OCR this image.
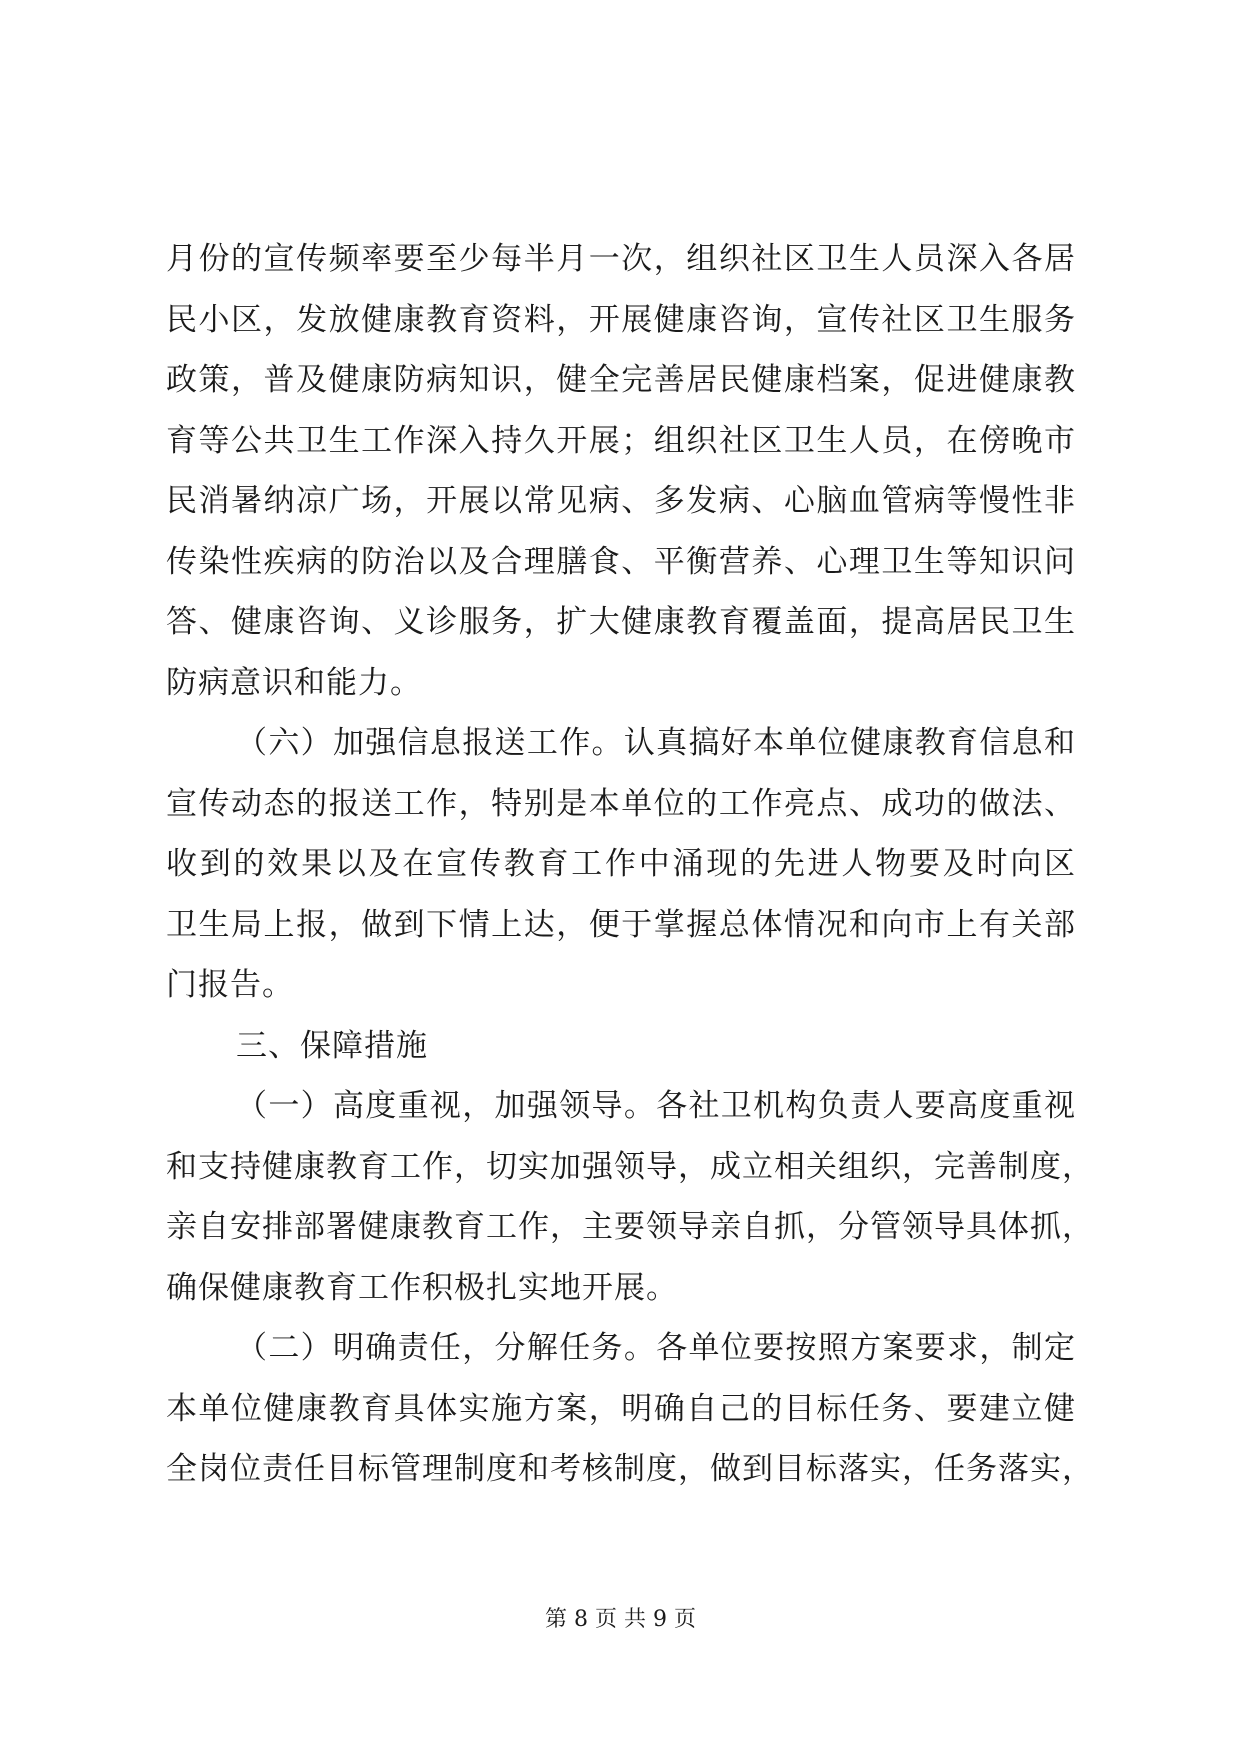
月份的宣传频率要至少每半月一次，组织社区卫生人员深入各居
民小区，发放健康教育资料，开展健康咨询，宣传社区卫生服务
政策，普及健康防病知识，健全完善居民健康档案，促进健康教
育等公共卫生工作深入持久开展；组织社区卫生人员，在傍晚市
民消暑纳凉广场，开展以常见病、多发病、心脑血管病等慢性非
传染性疾病的防治以及合理膳食、平衡营养、心理卫生等知识问
答、健康咨询、义诊服务，扩大健康教育覆盖面，提高居民卫生
防病意识和能力。
（六）加强信息报送工作。认真搞好本单位健康教育信息和
宣传动态的报送工作，特别是本单位的工作亮点、成功的做法、
收到的效果以及在宣传教育工作中涌现的先进人物要及时向区
卫生局上报，做到下情上达，便于掌握总体情况和向市上有关部
门报告。
三、保障措施
（一）高度重视，加强领导。各社卫机构负责人要高度重视
和支持健康教育工作，切实加强领导，成立相关组织，完善制度，
亲自安排部署健康教育工作，主要领导亲自抓，分管领导具体抓，
确保健康教育工作积极扎实地开展。
（二）明确责任，分解任务。各单位要按照方案要求，制定
本单位健康教育具体实施方案，明确自己的目标任务、要建立健
全岗位责任目标管理制度和考核制度，做到目标落实，任务落实，
第 8 页 共 9 页
